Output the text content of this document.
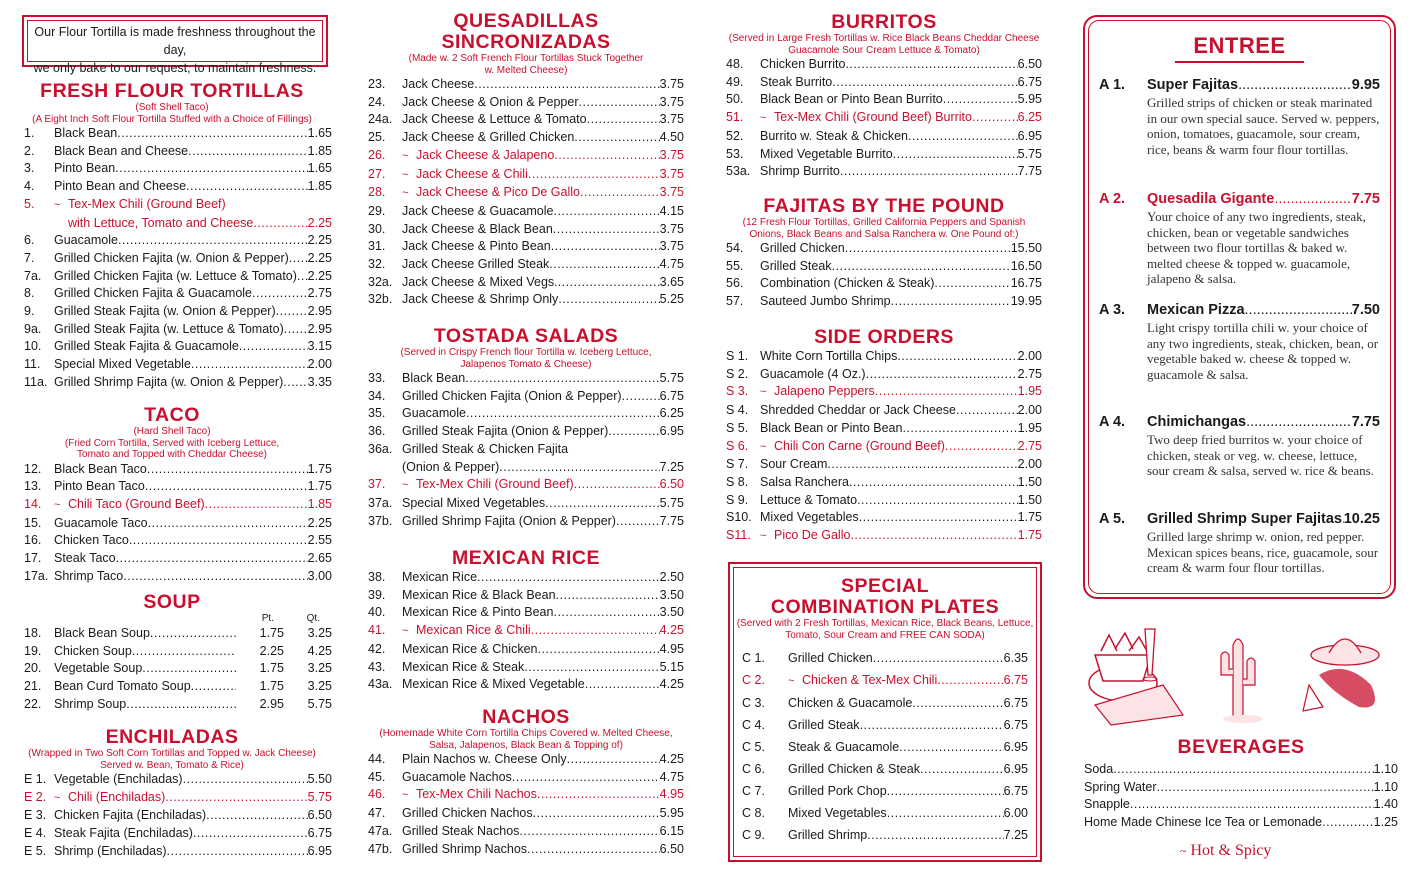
Our Flour Tortilla is made freshness throughout the day,
we only bake to our request, to maintain freshness.
FRESH FLOUR TORTILLAS
(Soft Shell Taco)
(A Eight Inch Soft Flour Tortilla Stuffed with a Choice of Fillings)
1.	Black Bean .....	1.65
2.	Black Bean and Cheese .....	1.85
3.	Pinto Bean .....	1.65
4.	Pinto Bean and Cheese .....	1.85
5.	~ Tex-Mex Chili (Ground Beef)
with Lettuce, Tomato and Cheese .....	2.25
6.	Guacamole .....	2.25
7.	Grilled Chicken Fajita (w. Onion & Pepper) ..... 2.25
7a.	Grilled Chicken Fajita (w. Lettuce & Tomato) ..... 2.25
8.	Grilled Chicken Fajita & Guacamole .....	2.75
9.	Grilled Steak Fajita (w. Onion & Pepper) .....	2.95
9a.	Grilled Steak Fajita (w. Lettuce & Tomato) ..... 2.95
10.	Grilled Steak Fajita & Guacamole .....	3.15
11.	Special Mixed Vegetable .....	2.00
11a. Grilled Shrimp Fajita (w. Onion & Pepper) ..... 3.35
TACO
(Hard Shell Taco)
(Fried Corn Tortilla, Served with Iceberg Lettuce,
Tomato and Topped with Cheddar Cheese)
12.	Black Bean Taco .....	1.75
13.	Pinto Bean Taco .....	1.75
14.	~ Chili Taco (Ground Beef) .....	1.85
15.	Guacamole Taco .....	2.25
16.	Chicken Taco .....	2.55
17.	Steak Taco .....	2.65
17a. Shrimp Taco .....	3.00
SOUP
Pt.	Qt.
18.	Black Bean Soup .....	1.75	3.25
19.	Chicken Soup .....	2.25	4.25
20.	Vegetable Soup .....	1.75	3.25
21.	Bean Curd Tomato Soup .....	1.75	3.25
22.	Shrimp Soup .....	2.95	5.75
ENCHILADAS
(Wrapped in Two Soft Corn Tortillas and Topped w. Jack Cheese)
Served w. Bean, Tomato & Rice)
E 1. Vegetable (Enchiladas) .....	5.50
E 2. ~ Chili (Enchiladas) .....	5.75
E 3. Chicken Fajita (Enchiladas) .....	6.50
E 4. Steak Fajita (Enchiladas) .....	6.75
E 5. Shrimp (Enchiladas) .....	6.95
QUESADILLAS
SINCRONIZADAS
(Made w. 2 Soft French Flour Tortillas Stuck Together
w. Melted Cheese)
23.	Jack Cheese .....	3.75
24.	Jack Cheese & Onion & Pepper .....	3.75
24a. Jack Cheese & Lettuce & Tomato .....	3.75
25.	Jack Cheese & Grilled Chicken .....	4.50
26.	~ Jack Cheese & Jalapeno .....	3.75
27.	~ Jack Cheese & Chili .....	3.75
28.	~ Jack Cheese & Pico De Gallo .....	3.75
29.	Jack Cheese & Guacamole .....	4.15
30.	Jack Cheese & Black Bean .....	3.75
31.	Jack Cheese & Pinto Bean .....	3.75
32.	Jack Cheese Grilled Steak .....	4.75
32a. Jack Cheese & Mixed Vegs. .....	3.65
32b. Jack Cheese & Shrimp Only .....	5.25
TOSTADA SALADS
(Served in Crispy French flour Tortilla w. Iceberg Lettuce,
Jalapenos Tomato & Cheese)
33.	Black Bean .....	5.75
34.	Grilled Chicken Fajita (Onion & Pepper) .....	6.75
35.	Guacamole .....	6.25
36.	Grilled Steak Fajita (Onion & Pepper) .....	6.95
36a. Grilled Steak & Chicken Fajita
(Onion & Pepper) .....	7.25
37.	~ Tex-Mex Chili (Ground Beef) .....	6.50
37a. Special Mixed Vegetables .....	5.75
37b. Grilled Shrimp Fajita (Onion & Pepper) .....	7.75
MEXICAN RICE
38.	Mexican Rice .....	2.50
39.	Mexican Rice & Black Bean .....	3.50
40.	Mexican Rice & Pinto Bean .....	3.50
41.	~ Mexican Rice & Chili .....	4.25
42.	Mexican Rice & Chicken .....	4.95
43.	Mexican Rice & Steak .....	5.15
43a. Mexican Rice & Mixed Vegetable .....	4.25
NACHOS
(Homemade White Corn Tortilla Chips Covered w. Melted Cheese,
Salsa, Jalapenos, Black Bean & Topping of)
44.	Plain Nachos w. Cheese Only .....	4.25
45.	Guacamole Nachos .....	4.75
46.	~ Tex-Mex Chili Nachos .....	4.95
47.	Grilled Chicken Nachos .....	5.95
47a. Grilled Steak Nachos .....	6.15
47b. Grilled Shrimp Nachos .....	6.50
BURRITOS
(Served in Large Fresh Tortillas w. Rice Black Beans Cheddar Cheese
Guacamole Sour Cream Lettuce & Tomato)
48.	Chicken Burrito .....	6.50
49.	Steak Burrito .....	6.75
50.	Black Bean or Pinto Bean Burrito .....	5.95
51.	~ Tex-Mex Chili (Ground Beef) Burrito .....	6.25
52.	Burrito w. Steak & Chicken .....	6.95
53.	Mixed Vegetable Burrito .....	5.75
53a. Shrimp Burrito .....	7.75
FAJITAS BY THE POUND
(12 Fresh Flour Tortillas, Grilled California Peppers and Spanish
Onions, Black Beans and Salsa Ranchera w. One Pound of:)
54.	Grilled Chicken .....	15.50
55.	Grilled Steak .....	16.50
56.	Combination (Chicken & Steak) .....	16.75
57.	Sauteed Jumbo Shrimp .....	19.95
SIDE ORDERS
S 1. White Corn Tortilla Chips .....	2.00
S 2. Guacamole (4 Oz.) .....	2.75
S 3.	~ Jalapeno Peppers .....	1.95
S 4. Shredded Cheddar or Jack Cheese .....	2.00
S 5. Black Bean or Pinto Bean .....	1.95
S 6.	~ Chili Con Carne (Ground Beef) .....	2.75
S 7. Sour Cream .....	2.00
S 8. Salsa Ranchera .....	1.50
S 9. Lettuce & Tomato .....	1.50
S10. Mixed Vegetables .....	1.75
S11. ~ Pico De Gallo .....	1.75
SPECIAL
COMBINATION PLATES
(Served with 2 Fresh Tortillas, Mexican Rice, Black Beans, Lettuce,
Tomato, Sour Cream and FREE CAN SODA)
C 1.	Grilled Chicken .....	6.35
C 2.	~ Chicken & Tex-Mex Chili .....	6.75
C 3.	Chicken & Guacamole .....	6.75
C 4.	Grilled Steak .....	6.75
C 5.	Steak & Guacamole .....	6.95
C 6.	Grilled Chicken & Steak .....	6.95
C 7.	Grilled Pork Chop .....	6.75
C 8.	Mixed Vegetables .....	6.00
C 9.	Grilled Shrimp .....	7.25
ENTREE
A 1.	Super Fajitas .....	9.95
Grilled strips of chicken or steak marinated in our own special sauce. Served w. peppers, onion, tomatoes, guacamole, sour cream, rice, beans & warm four flour tortillas.
A 2.	Quesadila Gigante .....	7.75
Your choice of any two ingredients, steak, chicken, bean or vegetable sandwiches between two flour tortillas & baked w. melted cheese & topped w. guacamole, jalapeno & salsa.
A 3.	Mexican Pizza .....	7.50
Light crispy tortilla chili w. your choice of any two ingredients, steak, chicken, bean, or vegetable baked w. cheese & topped w. guacamole & salsa.
A 4.	Chimichangas .....	7.75
Two deep fried burritos w. your choice of chicken, steak or veg. w. cheese, lettuce, sour cream & salsa, served w. rice & beans.
A 5.	Grilled Shrimp Super Fajitas ..... 10.25
Grilled large shrimp w. onion, red pepper. Mexican spices beans, rice, guacamole, sour cream & warm four flour tortillas.
BEVERAGES
Soda .....	1.10
Spring Water .....	1.10
Snapple .....	1.40
Home Made Chinese Ice Tea or Lemonade .....	1.25
~ Hot & Spicy
